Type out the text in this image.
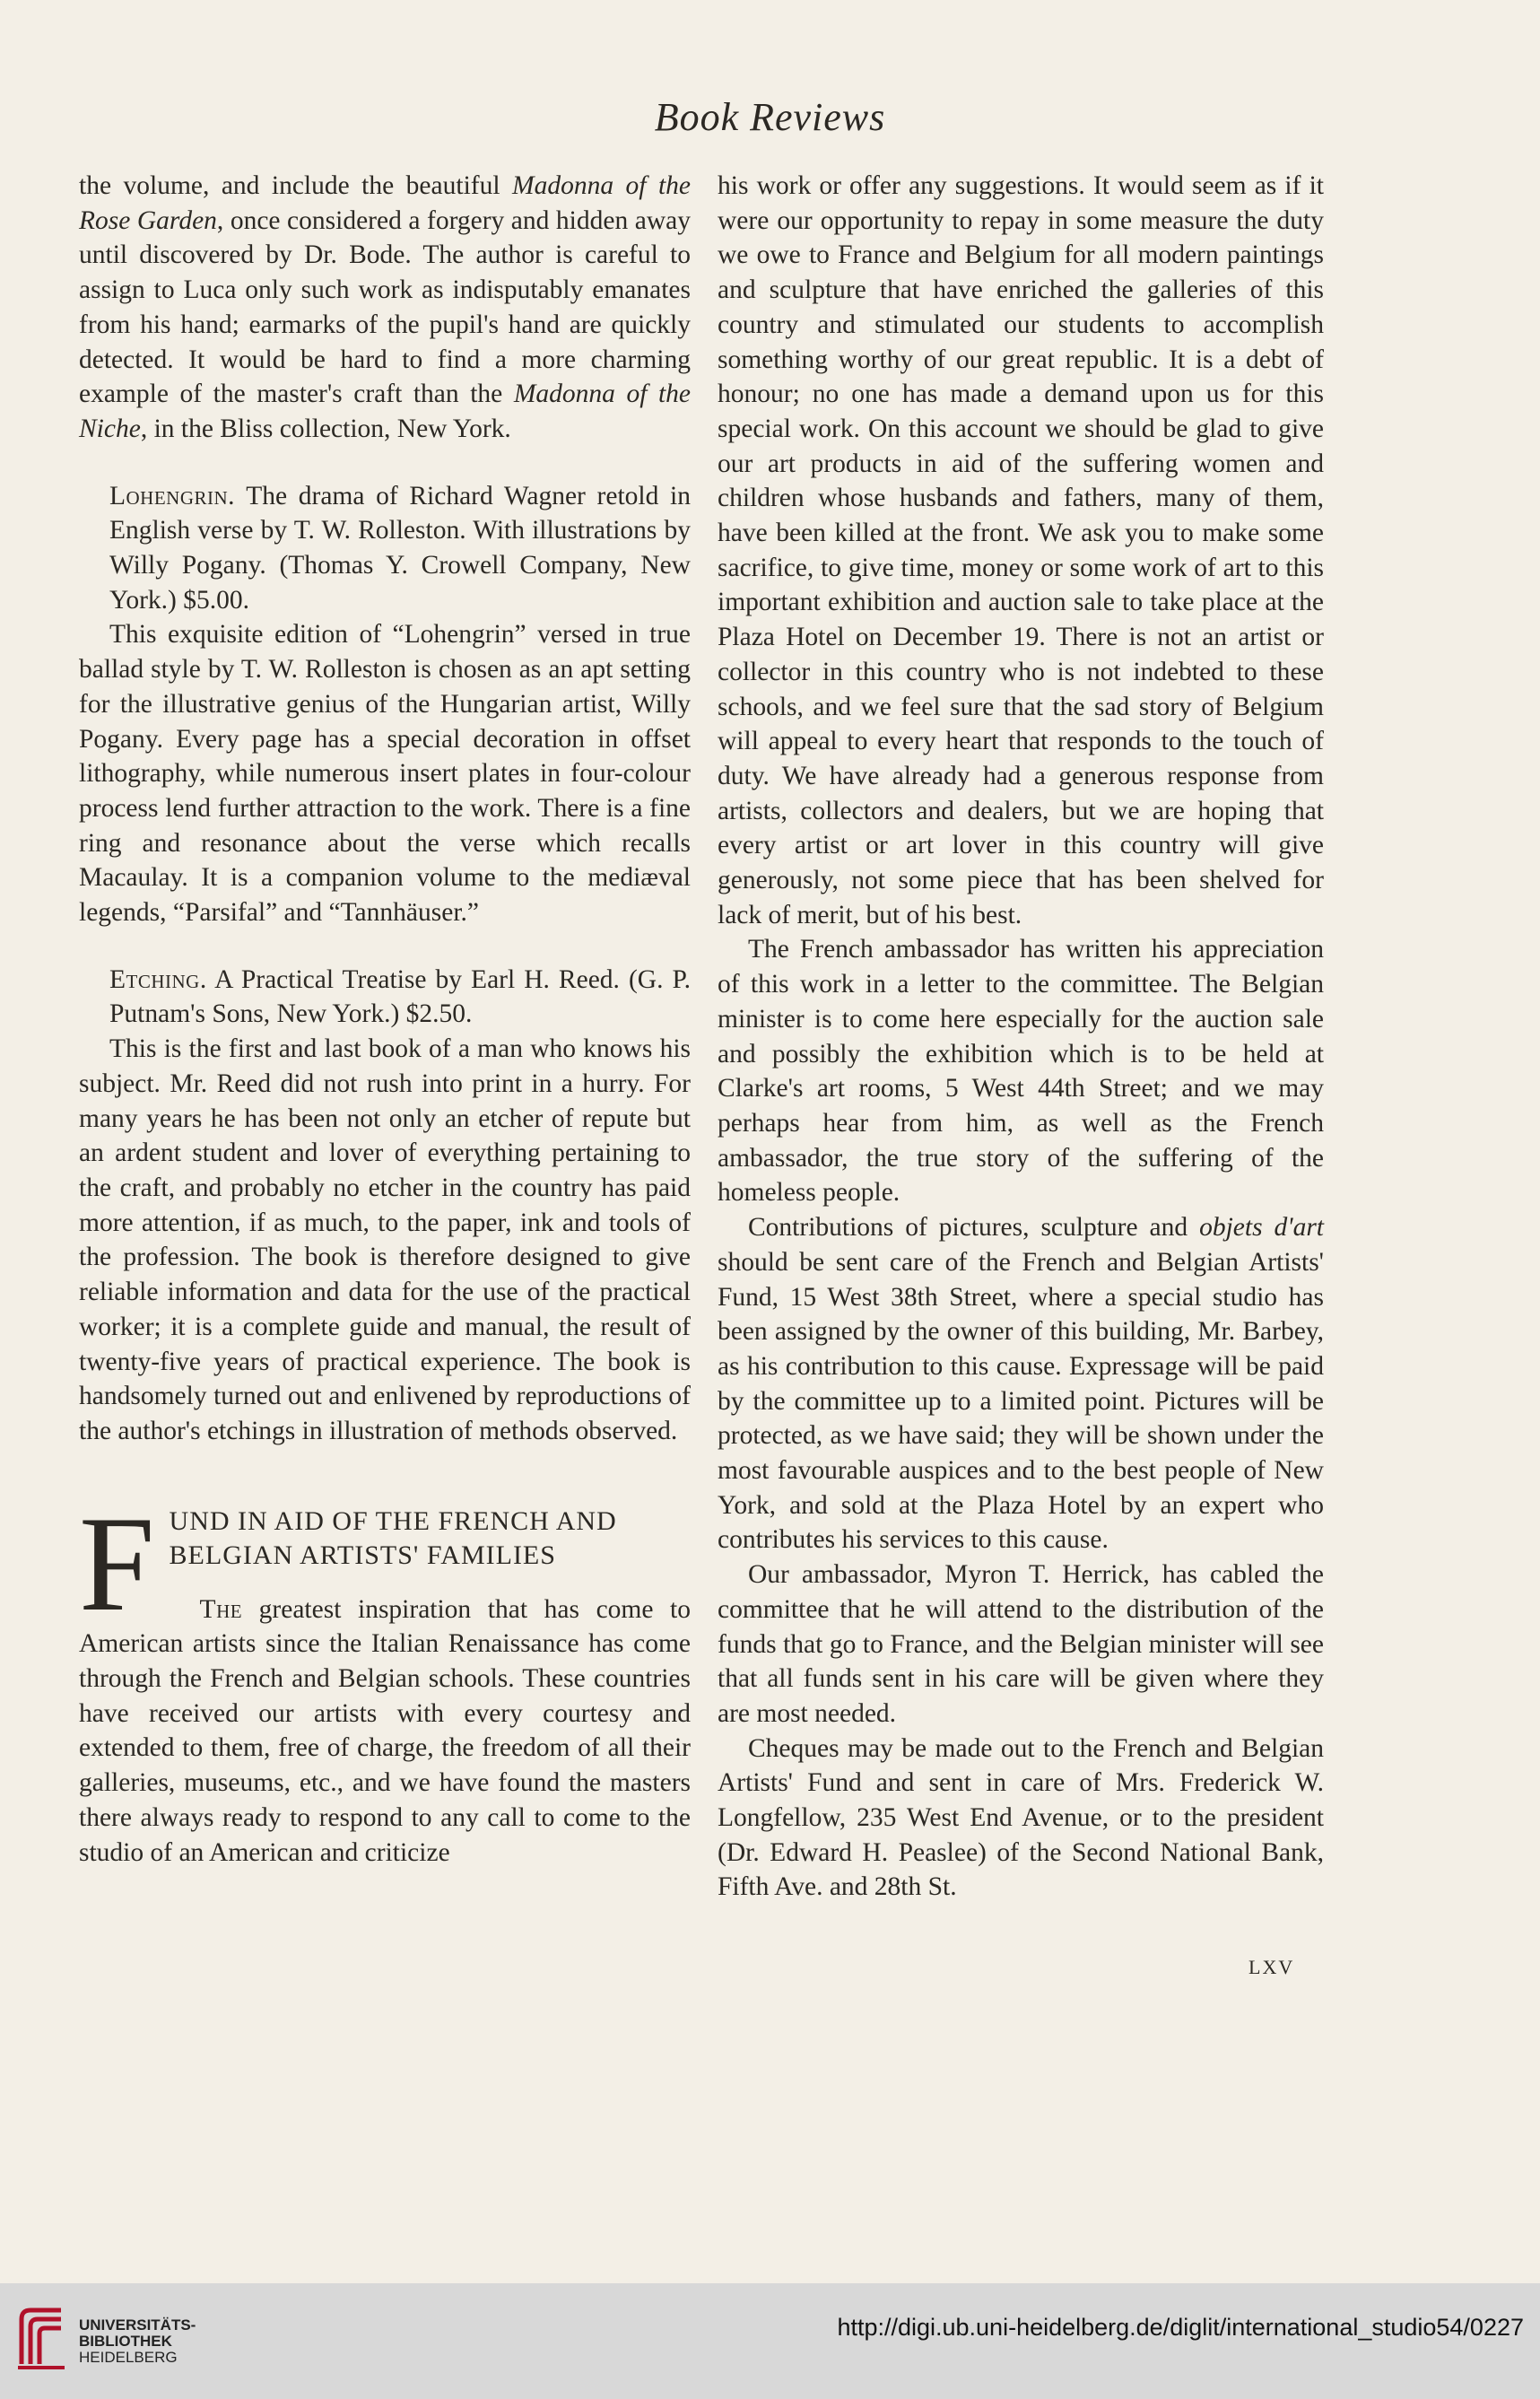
Book Reviews

the volume, and include the beautiful Madonna of the Rose Garden, once considered a forgery and hidden away until discovered by Dr. Bode. The author is careful to assign to Luca only such work as indisputably emanates from his hand; earmarks of the pupil's hand are quickly detected. It would be hard to find a more charming example of the master's craft than the Madonna of the Niche, in the Bliss collection, New York.

Lohengrin. The drama of Richard Wagner retold in English verse by T. W. Rolleston. With illustrations by Willy Pogany. (Thomas Y. Crowell Company, New York.) $5.00.

This exquisite edition of “Lohengrin” versed in true ballad style by T. W. Rolleston is chosen as an apt setting for the illustrative genius of the Hungarian artist, Willy Pogany. Every page has a special decoration in offset lithography, while numerous insert plates in four-colour process lend further attraction to the work. There is a fine ring and resonance about the verse which recalls Macaulay. It is a companion volume to the mediæval legends, “Parsifal” and “Tannhäuser.”

Etching. A Practical Treatise by Earl H. Reed. (G. P. Putnam's Sons, New York.) $2.50.

This is the first and last book of a man who knows his subject. Mr. Reed did not rush into print in a hurry. For many years he has been not only an etcher of repute but an ardent student and lover of everything pertaining to the craft, and probably no etcher in the country has paid more attention, if as much, to the paper, ink and tools of the profession. The book is therefore designed to give reliable information and data for the use of the practical worker; it is a complete guide and manual, the result of twenty-five years of practical experience. The book is handsomely turned out and enlivened by reproductions of the author's etchings in illustration of methods observed.

F UND IN AID OF THE FRENCH AND BELGIAN ARTISTS' FAMILIES

The greatest inspiration that has come to American artists since the Italian Renaissance has come through the French and Belgian schools. These countries have received our artists with every courtesy and extended to them, free of charge, the freedom of all their galleries, museums, etc., and we have found the masters there always ready to respond to any call to come to the studio of an American and criticize

his work or offer any suggestions. It would seem as if it were our opportunity to repay in some measure the duty we owe to France and Belgium for all modern paintings and sculpture that have enriched the galleries of this country and stimulated our students to accomplish something worthy of our great republic. It is a debt of honour; no one has made a demand upon us for this special work. On this account we should be glad to give our art products in aid of the suffering women and children whose husbands and fathers, many of them, have been killed at the front. We ask you to make some sacrifice, to give time, money or some work of art to this important exhibition and auction sale to take place at the Plaza Hotel on December 19. There is not an artist or collector in this country who is not indebted to these schools, and we feel sure that the sad story of Belgium will appeal to every heart that responds to the touch of duty. We have already had a generous response from artists, collectors and dealers, but we are hoping that every artist or art lover in this country will give generously, not some piece that has been shelved for lack of merit, but of his best.

The French ambassador has written his appreciation of this work in a letter to the committee. The Belgian minister is to come here especially for the auction sale and possibly the exhibition which is to be held at Clarke's art rooms, 5 West 44th Street; and we may perhaps hear from him, as well as the French ambassador, the true story of the suffering of the homeless people.

Contributions of pictures, sculpture and objets d'art should be sent care of the French and Belgian Artists' Fund, 15 West 38th Street, where a special studio has been assigned by the owner of this building, Mr. Barbey, as his contribution to this cause. Expressage will be paid by the committee up to a limited point. Pictures will be protected, as we have said; they will be shown under the most favourable auspices and to the best people of New York, and sold at the Plaza Hotel by an expert who contributes his services to this cause.

Our ambassador, Myron T. Herrick, has cabled the committee that he will attend to the distribution of the funds that go to France, and the Belgian minister will see that all funds sent in his care will be given where they are most needed.

Cheques may be made out to the French and Belgian Artists' Fund and sent in care of Mrs. Frederick W. Longfellow, 235 West End Avenue, or to the president (Dr. Edward H. Peaslee) of the Second National Bank, Fifth Ave. and 28th St.

LXV
UNIVERSITÄTS-
BIBLIOTHEK
HEIDELBERG
http://digi.ub.uni-heidelberg.de/diglit/international_studio54/0227
